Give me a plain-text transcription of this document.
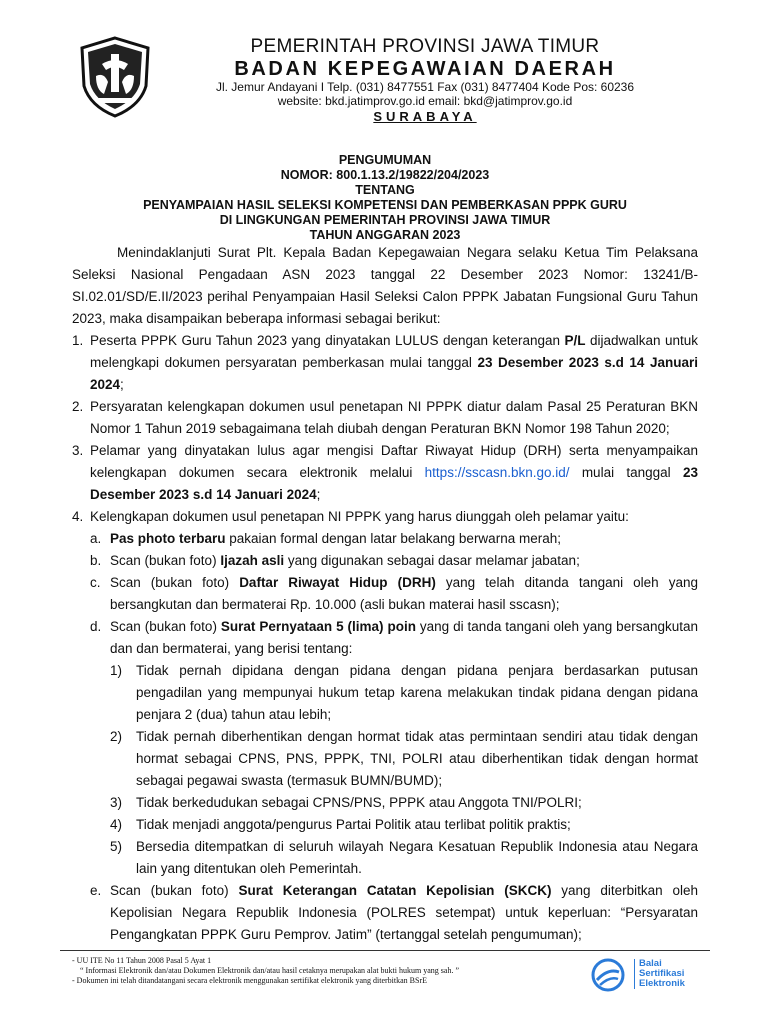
PEMERINTAH PROVINSI JAWA TIMUR
BADAN KEPEGAWAIAN DAERAH
Jl. Jemur Andayani I Telp. (031) 8477551 Fax (031) 8477404 Kode Pos: 60236
website: bkd.jatimprov.go.id email: bkd@jatimprov.go.id
SURABAYA
PENGUMUMAN
NOMOR: 800.1.13.2/19822/204/2023
TENTANG
PENYAMPAIAN HASIL SELEKSI KOMPETENSI DAN PEMBERKASAN PPPK GURU
DI LINGKUNGAN PEMERINTAH PROVINSI JAWA TIMUR
TAHUN ANGGARAN 2023

Menindaklanjuti Surat Plt. Kepala Badan Kepegawaian Negara selaku Ketua Tim Pelaksana Seleksi Nasional Pengadaan ASN 2023 tanggal 22 Desember 2023 Nomor: 13241/B-SI.02.01/SD/E.II/2023 perihal Penyampaian Hasil Seleksi Calon PPPK Jabatan Fungsional Guru Tahun 2023, maka disampaikan beberapa informasi sebagai berikut:

1. Peserta PPPK Guru Tahun 2023 yang dinyatakan LULUS dengan keterangan P/L dijadwalkan untuk melengkapi dokumen persyaratan pemberkasan mulai tanggal 23 Desember 2023 s.d 14 Januari 2024;
2. Persyaratan kelengkapan dokumen usul penetapan NI PPPK diatur dalam Pasal 25 Peraturan BKN Nomor 1 Tahun 2019 sebagaimana telah diubah dengan Peraturan BKN Nomor 198 Tahun 2020;
3. Pelamar yang dinyatakan lulus agar mengisi Daftar Riwayat Hidup (DRH) serta menyampaikan kelengkapan dokumen secara elektronik melalui https://sscasn.bkn.go.id/ mulai tanggal 23 Desember 2023 s.d 14 Januari 2024;
4. Kelengkapan dokumen usul penetapan NI PPPK yang harus diunggah oleh pelamar yaitu:
a. Pas photo terbaru pakaian formal dengan latar belakang berwarna merah;
b. Scan (bukan foto) Ijazah asli yang digunakan sebagai dasar melamar jabatan;
c. Scan (bukan foto) Daftar Riwayat Hidup (DRH) yang telah ditanda tangani oleh yang bersangkutan dan bermaterai Rp. 10.000 (asli bukan materai hasil sscasn);
d. Scan (bukan foto) Surat Pernyataan 5 (lima) poin yang di tanda tangani oleh yang bersangkutan dan dan bermaterai, yang berisi tentang:
1)	Tidak pernah dipidana dengan pidana dengan pidana penjara berdasarkan putusan pengadilan yang mempunyai hukum tetap karena melakukan tindak pidana dengan pidana penjara 2 (dua) tahun atau lebih;
2)	Tidak pernah diberhentikan dengan hormat tidak atas permintaan sendiri atau tidak dengan hormat sebagai CPNS, PNS, PPPK, TNI, POLRI atau diberhentikan tidak dengan hormat sebagai pegawai swasta (termasuk BUMN/BUMD);
3)	Tidak berkedudukan sebagai CPNS/PNS, PPPK atau Anggota TNI/POLRI;
4)	Tidak menjadi anggota/pengurus Partai Politik atau terlibat politik praktis;
5)	Bersedia ditempatkan di seluruh wilayah Negara Kesatuan Republik Indonesia atau Negara lain yang ditentukan oleh Pemerintah.
e. Scan (bukan foto) Surat Keterangan Catatan Kepolisian (SKCK) yang diterbitkan oleh Kepolisian Negara Republik Indonesia (POLRES setempat) untuk keperluan: “Persyaratan Pengangkatan PPPK Guru Pemprov. Jatim” (tertanggal setelah pengumuman);
- UU ITE No 11 Tahun 2008 Pasal 5 Ayat 1
“ Informasi Elektronik dan/atau Dokumen Elektronik dan/atau hasil cetaknya merupakan alat bukti hukum yang sah. ”
- Dokumen ini telah ditandatangani secara elektronik menggunakan sertifikat elektronik yang diterbitkan BSrE
Balai
Sertifikasi
Elektronik
